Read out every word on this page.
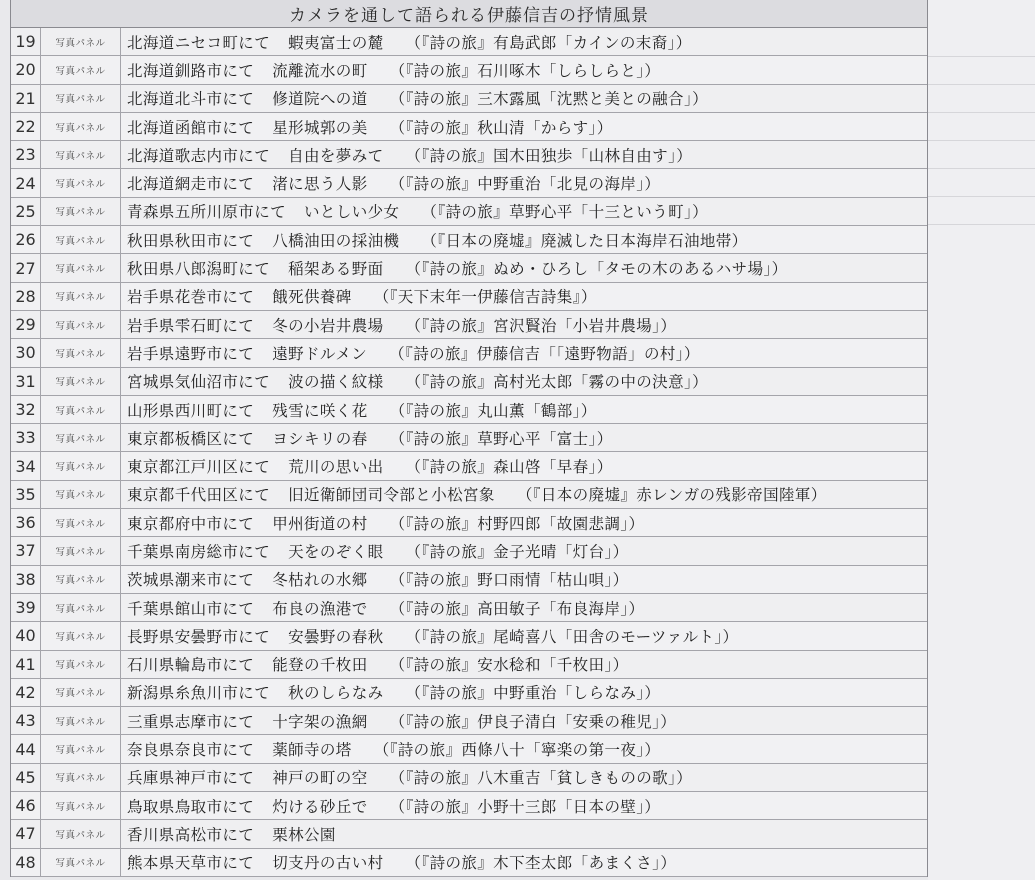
カメラを通して語られる伊藤信吉の抒情風景
19	写真パネル	北海道ニセコ町にて 蝦夷富士の麓 （『詩の旅』有島武郎「カインの末裔」）
20	写真パネル	北海道釧路市にて 流離流水の町 （『詩の旅』石川啄木「しらしらと」）
21	写真パネル	北海道北斗市にて 修道院への道 （『詩の旅』三木露風「沈黙と美との融合」）
22	写真パネル	北海道函館市にて 星形城郭の美 （『詩の旅』秋山清「からす」）
23	写真パネル	北海道歌志内市にて 自由を夢みて （『詩の旅』国木田独歩「山林自由す」）
24	写真パネル	北海道網走市にて 渚に思う人影 （『詩の旅』中野重治「北見の海岸」）
25	写真パネル	青森県五所川原市にて いとしい少女 （『詩の旅』草野心平「十三という町」）
26	写真パネル	秋田県秋田市にて 八橋油田の採油機 （『日本の廃墟』廃滅した日本海岸石油地帯）
27	写真パネル	秋田県八郎潟町にて 稲架ある野面 （『詩の旅』ぬめ・ひろし「タモの木のあるハサ場」）
28	写真パネル	岩手県花巻市にて 餓死供養碑 （『天下末年一伊藤信吉詩集』）
29	写真パネル	岩手県雫石町にて 冬の小岩井農場 （『詩の旅』宮沢賢治「小岩井農場」）
30	写真パネル	岩手県遠野市にて 遠野ドルメン （『詩の旅』伊藤信吉「「遠野物語」の村」）
31	写真パネル	宮城県気仙沼市にて 波の描く紋様 （『詩の旅』高村光太郎「霧の中の決意」）
32	写真パネル	山形県西川町にて 残雪に咲く花 （『詩の旅』丸山薫「鶴部」）
33	写真パネル	東京都板橋区にて ヨシキリの春 （『詩の旅』草野心平「富士」）
34	写真パネル	東京都江戸川区にて 荒川の思い出 （『詩の旅』森山啓「早春」）
35	写真パネル	東京都千代田区にて 旧近衛師団司令部と小松宮象 （『日本の廃墟』赤レンガの残影帝国陸軍）
36	写真パネル	東京都府中市にて 甲州街道の村 （『詩の旅』村野四郎「故園悲調」）
37	写真パネル	千葉県南房総市にて 天をのぞく眼 （『詩の旅』金子光晴「灯台」）
38	写真パネル	茨城県潮来市にて 冬枯れの水郷 （『詩の旅』野口雨情「枯山唄」）
39	写真パネル	千葉県館山市にて 布良の漁港で （『詩の旅』高田敏子「布良海岸」）
40	写真パネル	長野県安曇野市にて 安曇野の春秋 （『詩の旅』尾崎喜八「田舎のモーツァルト」）
41	写真パネル	石川県輪島市にて 能登の千枚田 （『詩の旅』安水稔和「千枚田」）
42	写真パネル	新潟県糸魚川市にて 秋のしらなみ （『詩の旅』中野重治「しらなみ」）
43	写真パネル	三重県志摩市にて 十字架の漁網 （『詩の旅』伊良子清白「安乗の稚児」）
44	写真パネル	奈良県奈良市にて 薬師寺の塔 （『詩の旅』西條八十「寧楽の第一夜」）
45	写真パネル	兵庫県神戸市にて 神戸の町の空 （『詩の旅』八木重吉「貧しきものの歌」）
46	写真パネル	鳥取県鳥取市にて 灼ける砂丘で （『詩の旅』小野十三郎「日本の壁」）
47	写真パネル	香川県高松市にて 栗林公園
48	写真パネル	熊本県天草市にて 切支丹の古い村 （『詩の旅』木下杢太郎「あまくさ」）
